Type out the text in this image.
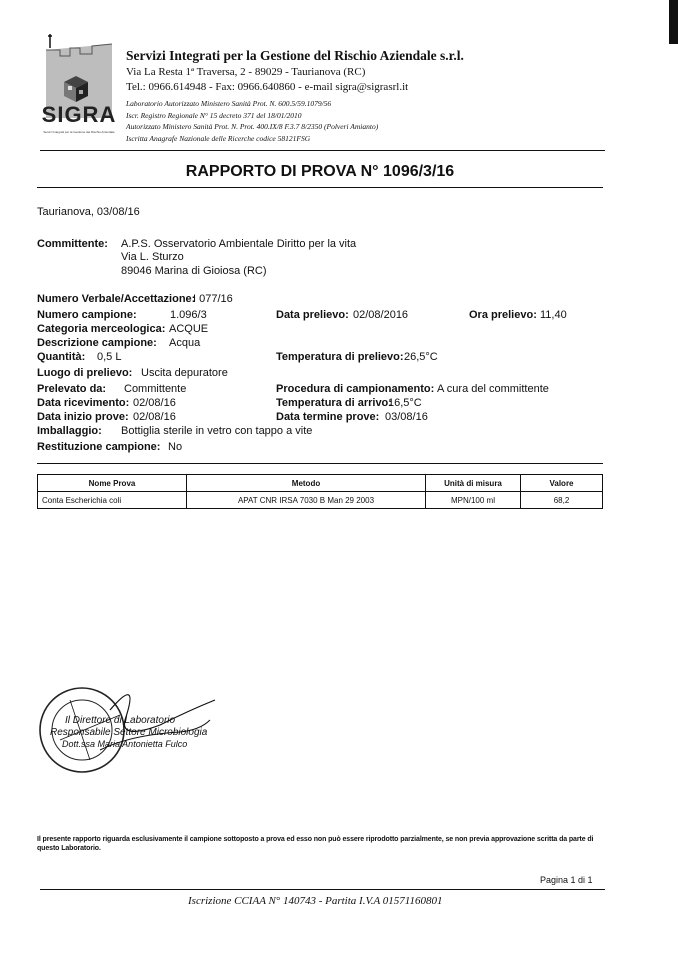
SIGRA
Servizi Integrati per la Gestione del Rischio Aziendale
Servizi Integrati per la Gestione del Rischio Aziendale s.r.l.
Via La Resta 1ª Traversa, 2 - 89029 - Taurianova (RC)
Tel.: 0966.614948 - Fax: 0966.640860 - e-mail sigra@sigrasrl.it
Laboratorio Autorizzato Ministero Sanità Prot. N. 600.5/59.1079/56
Iscr. Registro Regionale N° 15 decreto 371 del 18/01/2010
Autorizzato Ministero Sanità Prot. N. Prot. 400.IX/8 F.3.7 8/2350 (Polveri Amianto)
Iscritta Anagrafe Nazionale delle Ricerche codice 58121FSG
RAPPORTO DI PROVA N° 1096/3/16
Taurianova, 03/08/16
Committente: A.P.S. Osservatorio Ambientale Diritto per la vita
Via L. Sturzo
89046 Marina di Gioiosa (RC)
Numero Verbale/Accettazione:
I 077/16
Numero campione:	1.096/3	Data prelievo: 02/08/2016	Ora prelievo: 11,40
Categoria merceologica: ACQUE
Descrizione campione: Acqua
Quantità: 0,5 L	Temperatura di prelievo: 26,5°C
Luogo di prelievo: Uscita depuratore
Prelevato da: Committente	Procedura di campionamento: A cura del committente
Data ricevimento: 02/08/16	Temperatura di arrivo:
16,5°C
Data inizio prove: 02/08/16	Data termine prove: 03/08/16
Imballaggio: Bottiglia sterile in vetro con tappo a vite
Restituzione campione: No
Nome Prova	Metodo	Unità di misura	Valore
Conta Escherichia coli	APAT CNR IRSA 7030 B Man 29 2003	MPN/100 ml	68,2
Il Direttore di Laboratorio
Responsabile Settore Microbiologia
Dott.ssa Maria Antonietta Fulco
Il presente rapporto riguarda esclusivamente il campione sottoposto a prova ed esso non può essere riprodotto parzialmente, se non previa approvazione scritta da parte di questo Laboratorio.
Pagina 1 di 1
Iscrizione CCIAA N° 140743 - Partita I.V.A 01571160801
